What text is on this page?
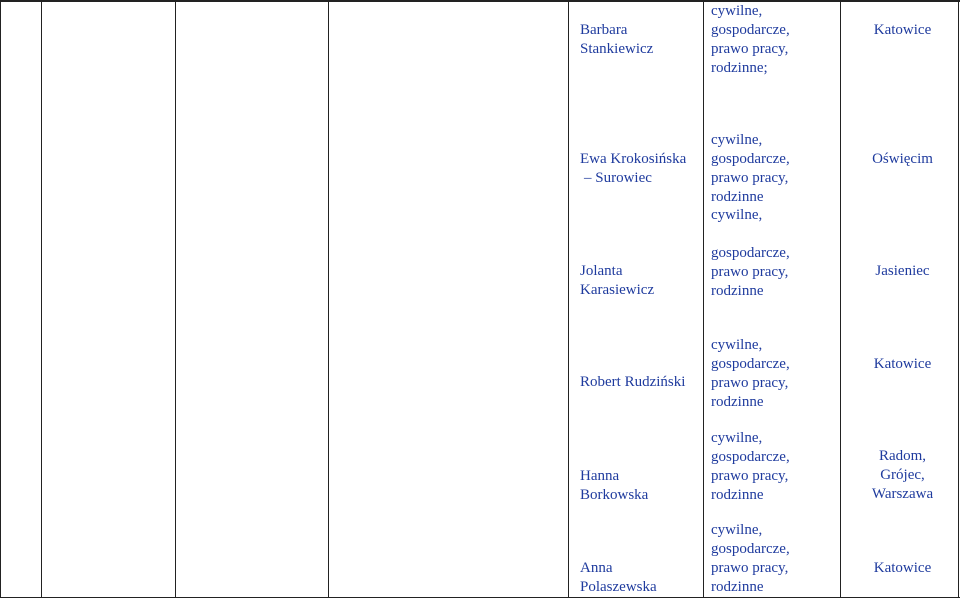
Barbara
Stankiewicz
cywilne,
gospodarcze,
prawo pracy,
rodzinne;
Katowice
Ewa Krokosińska
– Surowiec
cywilne,
gospodarcze,
prawo pracy,
rodzinne
Oświęcim
Jolanta
Karasiewicz
cywilne,
gospodarcze,
prawo pracy,
rodzinne
Jasieniec
Robert Rudziński
cywilne,
gospodarcze,
prawo pracy,
rodzinne
Katowice
Hanna
Borkowska
cywilne,
gospodarcze,
prawo pracy,
rodzinne
Radom,
Grójec,
Warszawa
Anna
Polaszewska
cywilne,
gospodarcze,
prawo pracy,
rodzinne
Katowice
